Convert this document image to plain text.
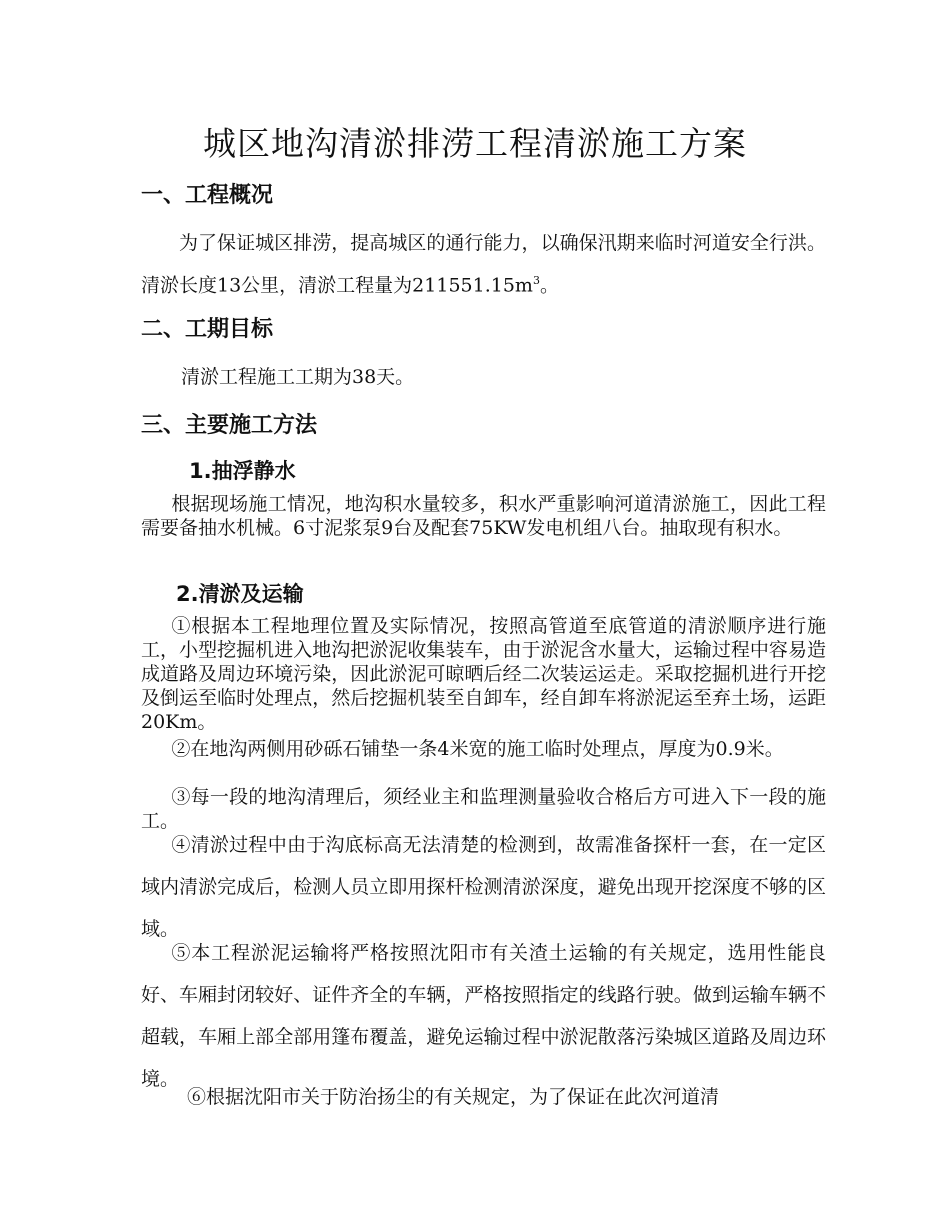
城区地沟清淤排涝工程清淤施工方案
一、工程概况

为了保证城区排涝，提高城区的通行能力，以确保汛期来临时河道安全行洪。清淤长度13公里，清淤工程量为$211551.15m^3$。

二、工期目标

清淤工程施工工期为38天。

三、主要施工方法
1.抽浮静水

根据现场施工情况，地沟积水量较多，积水严重影响河道清淤施工，因此工程需要备抽水机械。6寸泥浆泵9台及配套75KW发电机组八台。抽取现有积水。

2.清淤及运输

①根据本工程地理位置及实际情况，按照高管道至底管道的清淤顺序进行施工，小型挖掘机进入地沟把淤泥收集装车，由于淤泥含水量大，运输过程中容易造成道路及周边环境污染，因此淤泥可晾晒后经二次装运运走。采取挖掘机进行开挖及倒运至临时处理点，然后挖掘机装至自卸车，经自卸车将淤泥运至弃土场，运距20Km。

②在地沟两侧用砂砾石铺垫一条4米宽的施工临时处理点，厚度为0.9米。

③每一段的地沟清理后，须经业主和监理测量验收合格后方可进入下一段的施工。

④清淤过程中由于沟底标高无法清楚的检测到，故需准备探杆一套，在一定区域内清淤完成后，检测人员立即用探杆检测清淤深度，避免出现开挖深度不够的区域。

⑤本工程淤泥运输将严格按照沈阳市有关渣土运输的有关规定，选用性能良好、车厢封闭较好、证件齐全的车辆，严格按照指定的线路行驶。做到运输车辆不超载，车厢上部全部用篷布覆盖，避免运输过程中淤泥散落污染城区道路及周边环境。

⑥根据沈阳市关于防治扬尘的有关规定，为了保证在此次河道清
